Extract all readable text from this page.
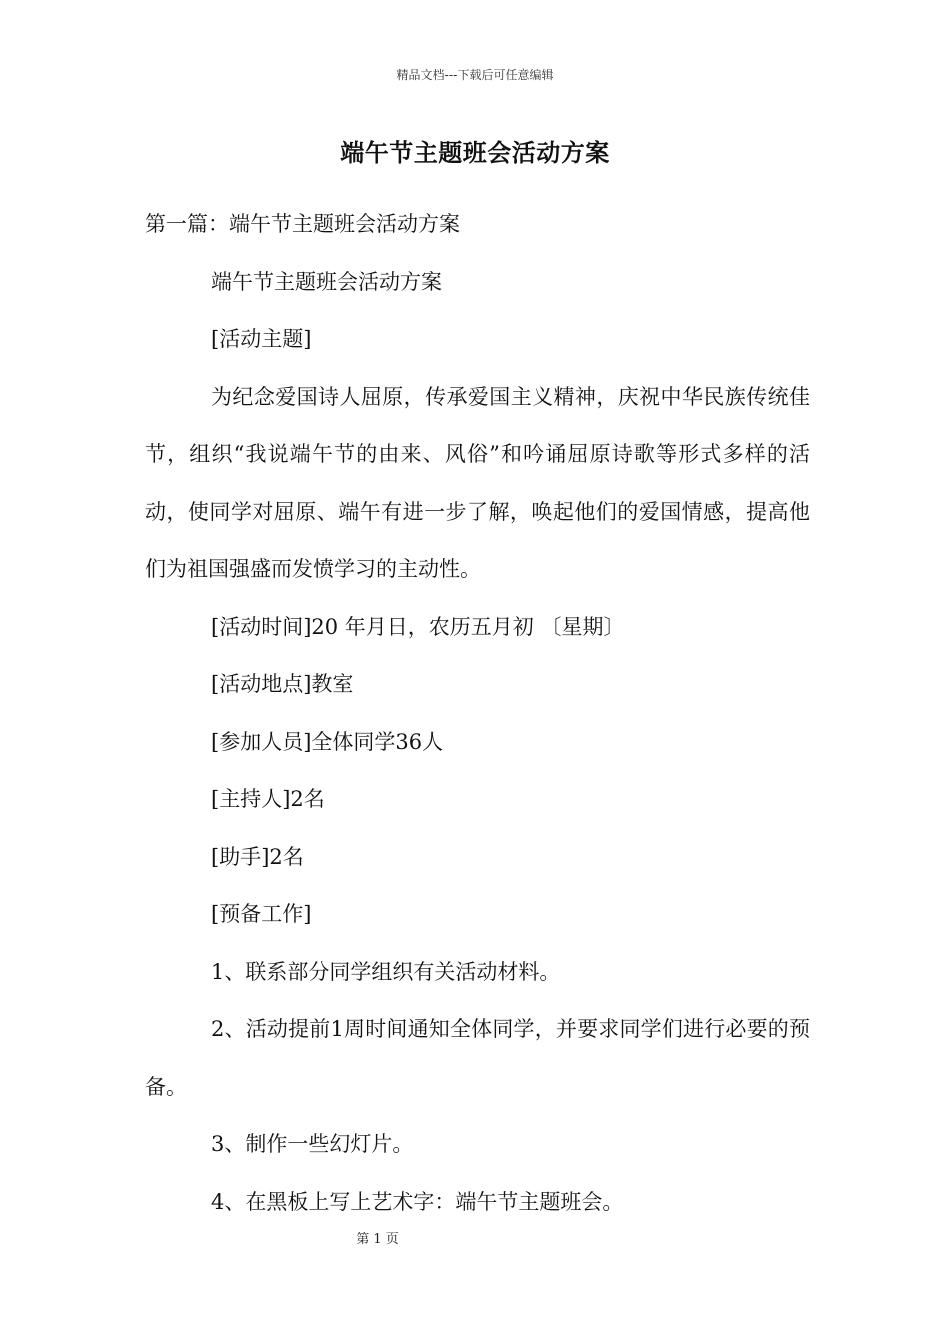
精品文档---下载后可任意编辑
端午节主题班会活动方案

第一篇：端午节主题班会活动方案

端午节主题班会活动方案

[活动主题]

为纪念爱国诗人屈原，传承爱国主义精神，庆祝中华民族传统佳节，组织“我说端午节的由来、风俗”和吟诵屈原诗歌等形式多样的活动，使同学对屈原、端午有进一步了解，唤起他们的爱国情感，提高他们为祖国强盛而发愤学习的主动性。

[活动时间]20 年月日，农历五月初 〔星期〕

[活动地点]教室

[参加人员]全体同学36人

[主持人]2名

[助手]2名

[预备工作]

1、联系部分同学组织有关活动材料。

2、活动提前1周时间通知全体同学，并要求同学们进行必要的预备。

3、制作一些幻灯片。

4、在黑板上写上艺术字：端午节主题班会。

第 1 页
